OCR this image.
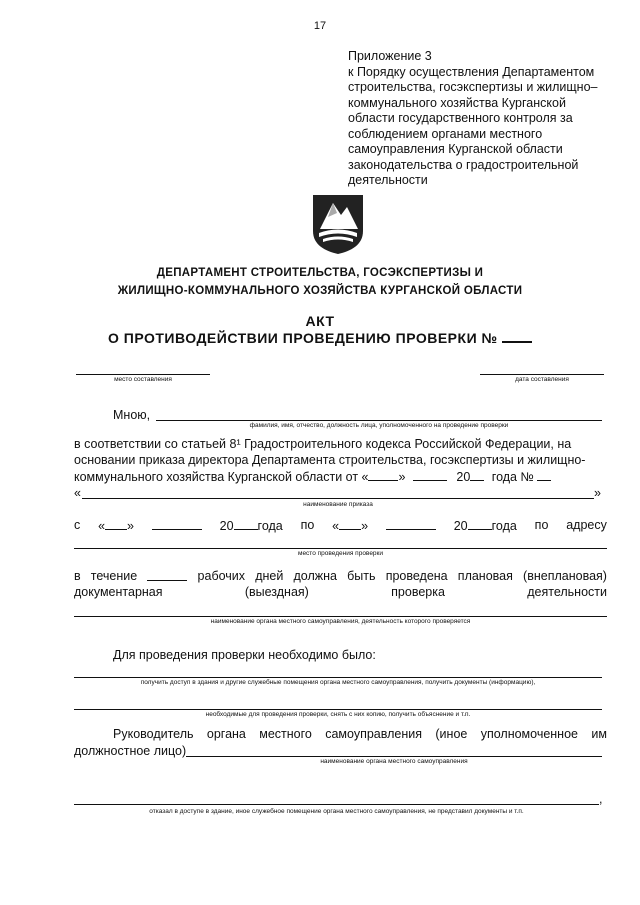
17
Приложение 3
к Порядку осуществления Департаментом
строительства, госэкспертизы и жилищно–
коммунального хозяйства Курганской
области государственного контроля за
соблюдением органами местного
самоуправления Курганской области
законодательства о градостроительной
деятельности
ДЕПАРТАМЕНТ СТРОИТЕЛЬСТВА, ГОСЭКСПЕРТИЗЫ И
ЖИЛИЩНО-КОММУНАЛЬНОГО ХОЗЯЙСТВА КУРГАНСКОЙ ОБЛАСТИ
АКТ
О ПРОТИВОДЕЙСТВИИ ПРОВЕДЕНИЮ ПРОВЕРКИ №
место составления	дата составления
Мною,
фамилия, имя, отчество, должность лица, уполномоченного на проведение проверки
в соответствии со статьей 8¹ Градостроительного кодекса Российской Федерации, на
основании приказа директора Департамента строительства, госэкспертизы и жилищно-
коммунального хозяйства Курганской области от « »	20 года №
«	»
наименование приказа
с « »	20 года по « »	20 года по адресу
место проведения проверки
в течение	рабочих дней должна быть проведена плановая (внеплановая)
документарная	(выездная)	проверка	деятельности
наименование органа местного самоуправления, деятельность которого проверяется
Для проведения проверки необходимо было:
получить доступ в здания и другие служебные помещения органа местного самоуправления, получить документы (информацию),
необходимые для проведения проверки, снять с них копию, получить объяснение и т.п.
Руководитель органа местного самоуправления (иное уполномоченное им
должностное лицо)
наименование органа местного самоуправления
,
отказал в доступе в здание, иное служебное помещение органа местного самоуправления, не представил документы и т.п.
